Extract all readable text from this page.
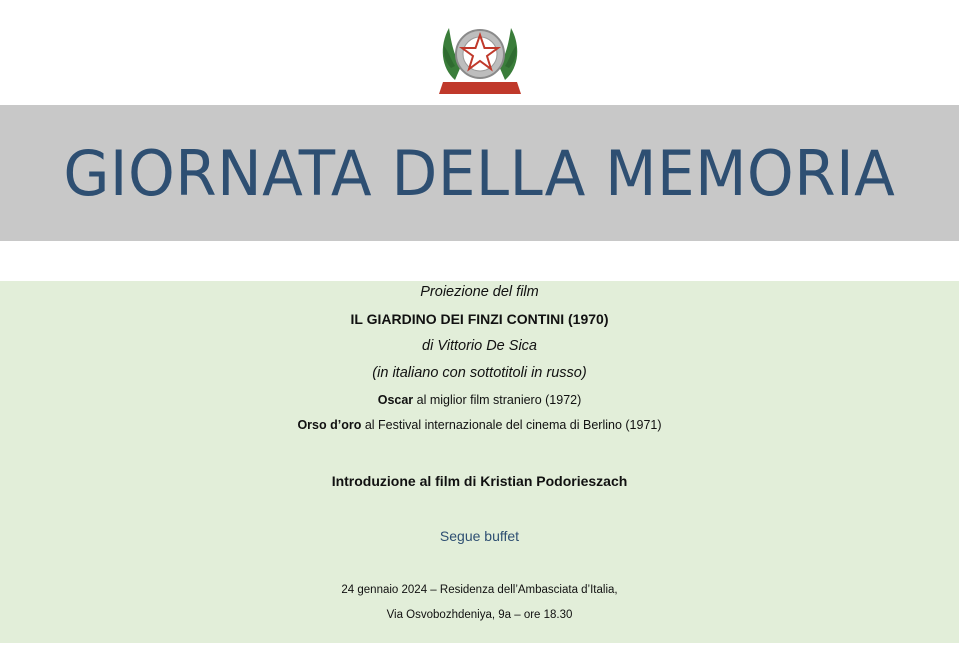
GIORNATA DELLA MEMORIA
Proiezione del film
IL GIARDINO DEI FINZI CONTINI (1970)
di Vittorio De Sica
(in italiano con sottotitoli in russo)
Oscar al miglior film straniero (1972)
Orso d’oro al Festival internazionale del cinema di Berlino (1971)
Introduzione al film di Kristian Podorieszach
Segue buffet
24 gennaio 2024 – Residenza dell’Ambasciata d’Italia,
Via Osvobozhdeniya, 9a – ore 18.30
